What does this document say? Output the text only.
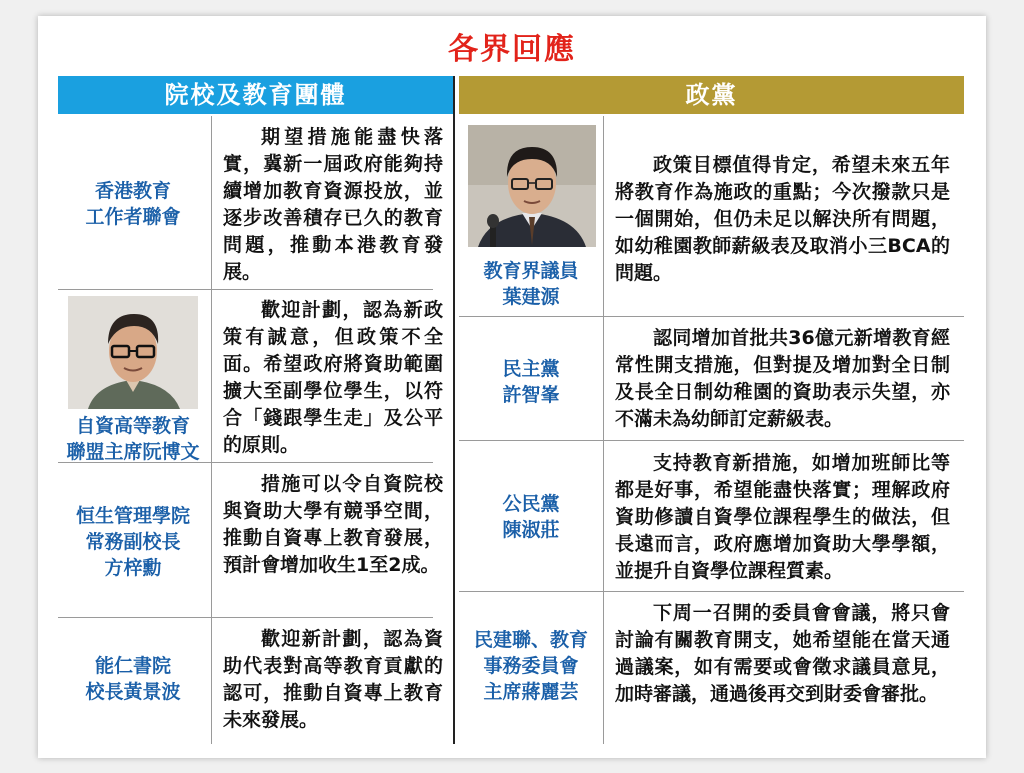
各界回應
院校及教育團體	政黨
香港教育
工作者聯會
期望措施能盡快落實，冀新一屆政府能夠持續增加教育資源投放，並逐步改善積存已久的教育問題，推動本港教育發展。
自資高等教育
聯盟主席阮博文
歡迎計劃，認為新政策有誠意，但政策不全面。希望政府將資助範圍擴大至副學位學生，以符合「錢跟學生走」及公平的原則。
恒生管理學院
常務副校長
方梓勳
措施可以令自資院校與資助大學有競爭空間，推動自資專上教育發展，預計會增加收生1至2成。
能仁書院
校長黃景波
歡迎新計劃，認為資助代表對高等教育貢獻的認可，推動自資專上教育未來發展。
教育界議員
葉建源
政策目標值得肯定，希望未來五年將教育作為施政的重點；今次撥款只是一個開始，但仍未足以解決所有問題，如幼稚園教師薪級表及取消小三BCA的問題。
民主黨
許智峯
認同增加首批共36億元新增教育經常性開支措施，但對提及增加對全日制及長全日制幼稚園的資助表示失望，亦不滿未為幼師訂定薪級表。
公民黨
陳淑莊
支持教育新措施，如增加班師比等都是好事，希望能盡快落實；理解政府資助修讀自資學位課程學生的做法，但長遠而言，政府應增加資助大學學額，並提升自資學位課程質素。
民建聯、教育
事務委員會
主席蔣麗芸
下周一召開的委員會會議，將只會討論有關教育開支，她希望能在當天通過議案，如有需要或會徵求議員意見，加時審議，通過後再交到財委會審批。
